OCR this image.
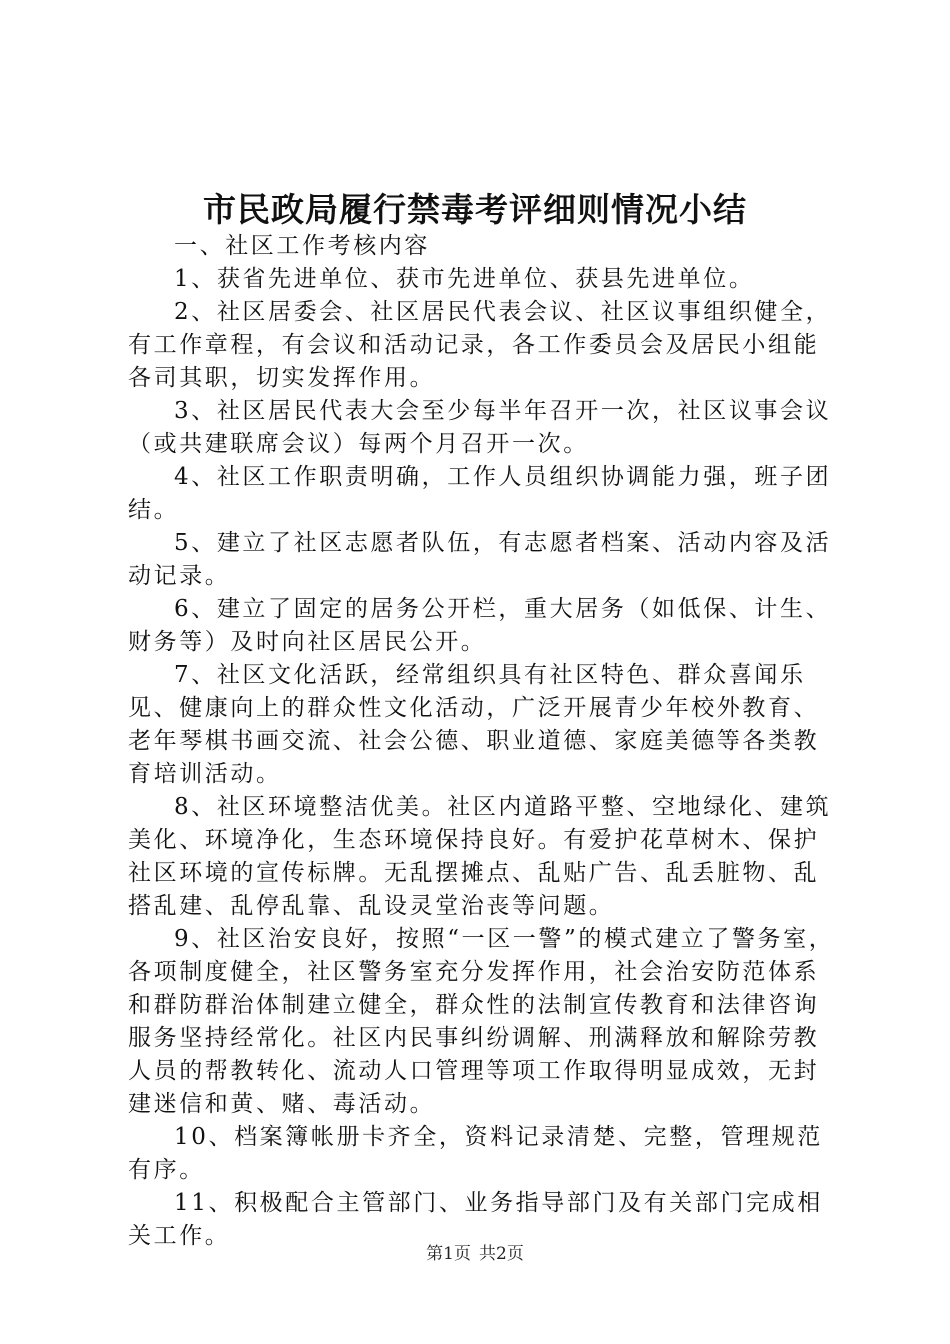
市民政局履行禁毒考评细则情况小结

一、社区工作考核内容

1、获省先进单位、获市先进单位、获县先进单位。

2、社区居委会、社区居民代表会议、社区议事组织健全，有工作章程，有会议和活动记录，各工作委员会及居民小组能各司其职，切实发挥作用。

3、社区居民代表大会至少每半年召开一次，社区议事会议（或共建联席会议）每两个月召开一次。

4、社区工作职责明确，工作人员组织协调能力强，班子团结。

5、建立了社区志愿者队伍，有志愿者档案、活动内容及活动记录。

6、建立了固定的居务公开栏，重大居务（如低保、计生、财务等）及时向社区居民公开。

7、社区文化活跃，经常组织具有社区特色、群众喜闻乐见、健康向上的群众性文化活动，广泛开展青少年校外教育、老年琴棋书画交流、社会公德、职业道德、家庭美德等各类教育培训活动。

8、社区环境整洁优美。社区内道路平整、空地绿化、建筑美化、环境净化，生态环境保持良好。有爱护花草树木、保护社区环境的宣传标牌。无乱摆摊点、乱贴广告、乱丢脏物、乱搭乱建、乱停乱靠、乱设灵堂治丧等问题。

9、社区治安良好，按照“一区一警”的模式建立了警务室，各项制度健全，社区警务室充分发挥作用，社会治安防范体系和群防群治体制建立健全，群众性的法制宣传教育和法律咨询服务坚持经常化。社区内民事纠纷调解、刑满释放和解除劳教人员的帮教转化、流动人口管理等项工作取得明显成效，无封建迷信和黄、赌、毒活动。

10、档案簿帐册卡齐全，资料记录清楚、完整，管理规范有序。

11、积极配合主管部门、业务指导部门及有关部门完成相关工作。

第1页 共2页
